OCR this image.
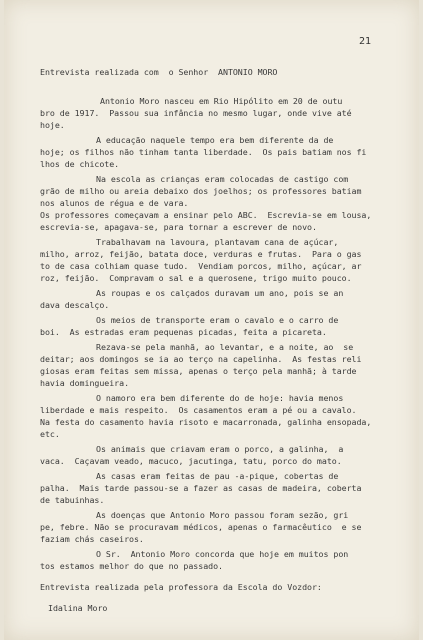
21
Entrevista realizada com  o Senhor  ANTONIO MORO
Antonio Moro nasceu em Rio Hipólito em 20 de outu
bro de 1917.  Passou sua infância no mesmo lugar, onde vive até
hoje.
A educação naquele tempo era bem diferente da de
hoje; os filhos não tinham tanta liberdade.  Os pais batiam nos fi
lhos de chicote.
Na escola as crianças eram colocadas de castigo com
grão de milho ou areia debaixo dos joelhos; os professores batiam
nos alunos de régua e de vara.
Os professores começavam a ensinar pelo ABC.  Escrevia-se em lousa,
escrevia-se, apagava-se, para tornar a escrever de novo.
Trabalhavam na lavoura, plantavam cana de açúcar,
milho, arroz, feijão, batata doce, verduras e frutas.  Para o gas
to de casa colhiam quase tudo.  Vendiam porcos, milho, açúcar, ar
roz, feijão.  Compravam o sal e a querosene, trigo muito pouco.
As roupas e os calçados duravam um ano, pois se an
dava descalço.
Os meios de transporte eram o cavalo e o carro de
boi.  As estradas eram pequenas picadas, feita a picareta.
Rezava-se pela manhã, ao levantar, e a noite, ao  se
deitar; aos domingos se ia ao terço na capelinha.  As festas reli
giosas eram feitas sem missa, apenas o terço pela manhã; à tarde
havia domingueira.
O namoro era bem diferente do de hoje: havia menos
liberdade e mais respeito.  Os casamentos eram a pé ou a cavalo.
Na festa do casamento havia risoto e macarronada, galinha ensopada,
etc.
Os animais que criavam eram o porco, a galinha,  a
vaca.  Caçavam veado, macuco, jacutinga, tatu, porco do mato.
As casas eram feitas de pau -a-pique, cobertas de
palha.  Mais tarde passou-se a fazer as casas de madeira, coberta
de tabuinhas.
As doenças que Antonio Moro passou foram sezão, gri
pe, febre. Não se procuravam médicos, apenas o farmacêutico  e se
faziam chás caseiros.
O Sr.  Antonio Moro concorda que hoje em muitos pon
tos estamos melhor do que no passado.
Entrevista realizada pela professora da Escola do Vozdor:
Idalina Moro
